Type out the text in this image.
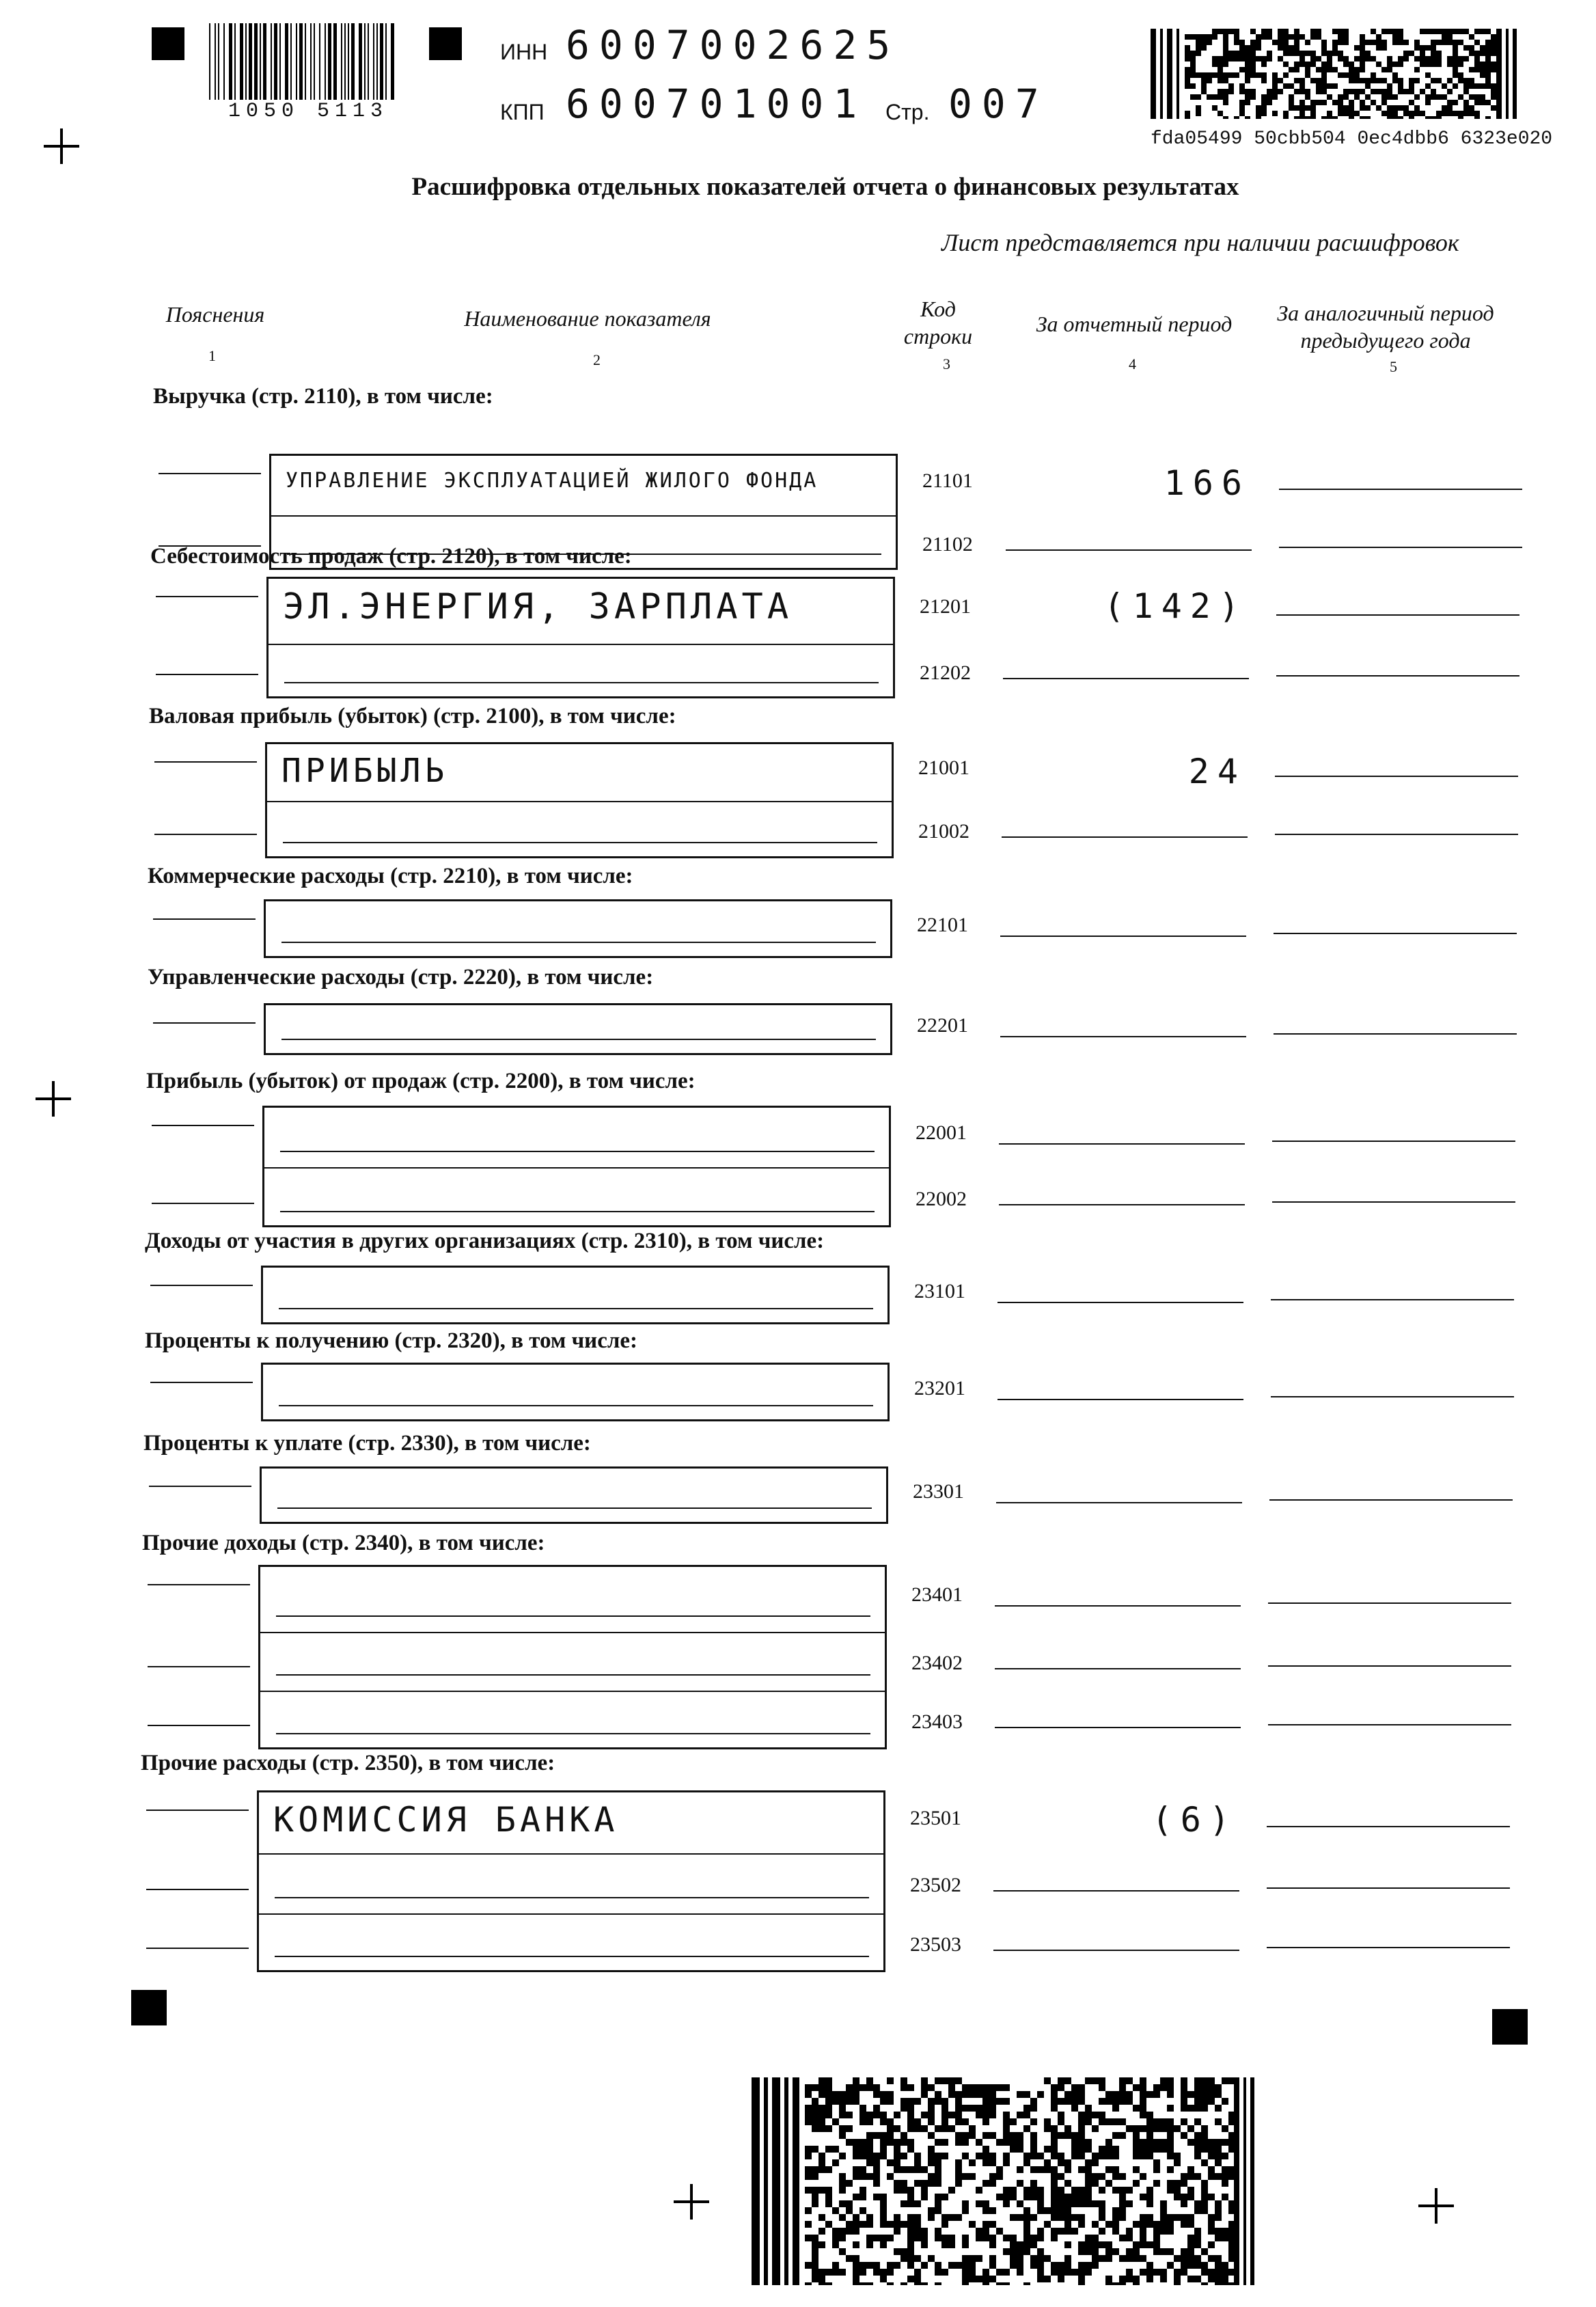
1050 5113
ИНН 6007002625
КПП 600701001 Стр. 007
fda05499 50cbb504 0ec4dbb6 6323e020
Расшифровка отдельных показателей отчета о финансовых результатах
Лист представляется при наличии расшифровок
Пояснения
1
Наименование показателя
2
Код строки
3
За отчетный период
4
За аналогичный период предыдущего года
5
Выручка (стр. 2110), в том числе:
УПРАВЛЕНИЕ ЭКСПЛУАТАЦИЕЙ ЖИЛОГО ФОНДА	21101	166
21102
Себестоимость продаж (стр. 2120), в том числе:
ЭЛ.ЭНЕРГИЯ, ЗАРПЛАТА	21201	(142)
21202
Валовая прибыль (убыток) (стр. 2100), в том числе:
ПРИБЫЛЬ	21001	24
21002
Коммерческие расходы (стр. 2210), в том числе:
22101
Управленческие расходы (стр. 2220), в том числе:
22201
Прибыль (убыток) от продаж (стр. 2200), в том числе:
22001
22002
Доходы от участия в других организациях (стр. 2310), в том числе:
23101
Проценты к получению (стр. 2320), в том числе:
23201
Проценты к уплате (стр. 2330), в том числе:
23301
Прочие доходы (стр. 2340), в том числе:
23401
23402
23403
Прочие расходы (стр. 2350), в том числе:
КОМИССИЯ БАНКА	23501	(6)
23502
23503
